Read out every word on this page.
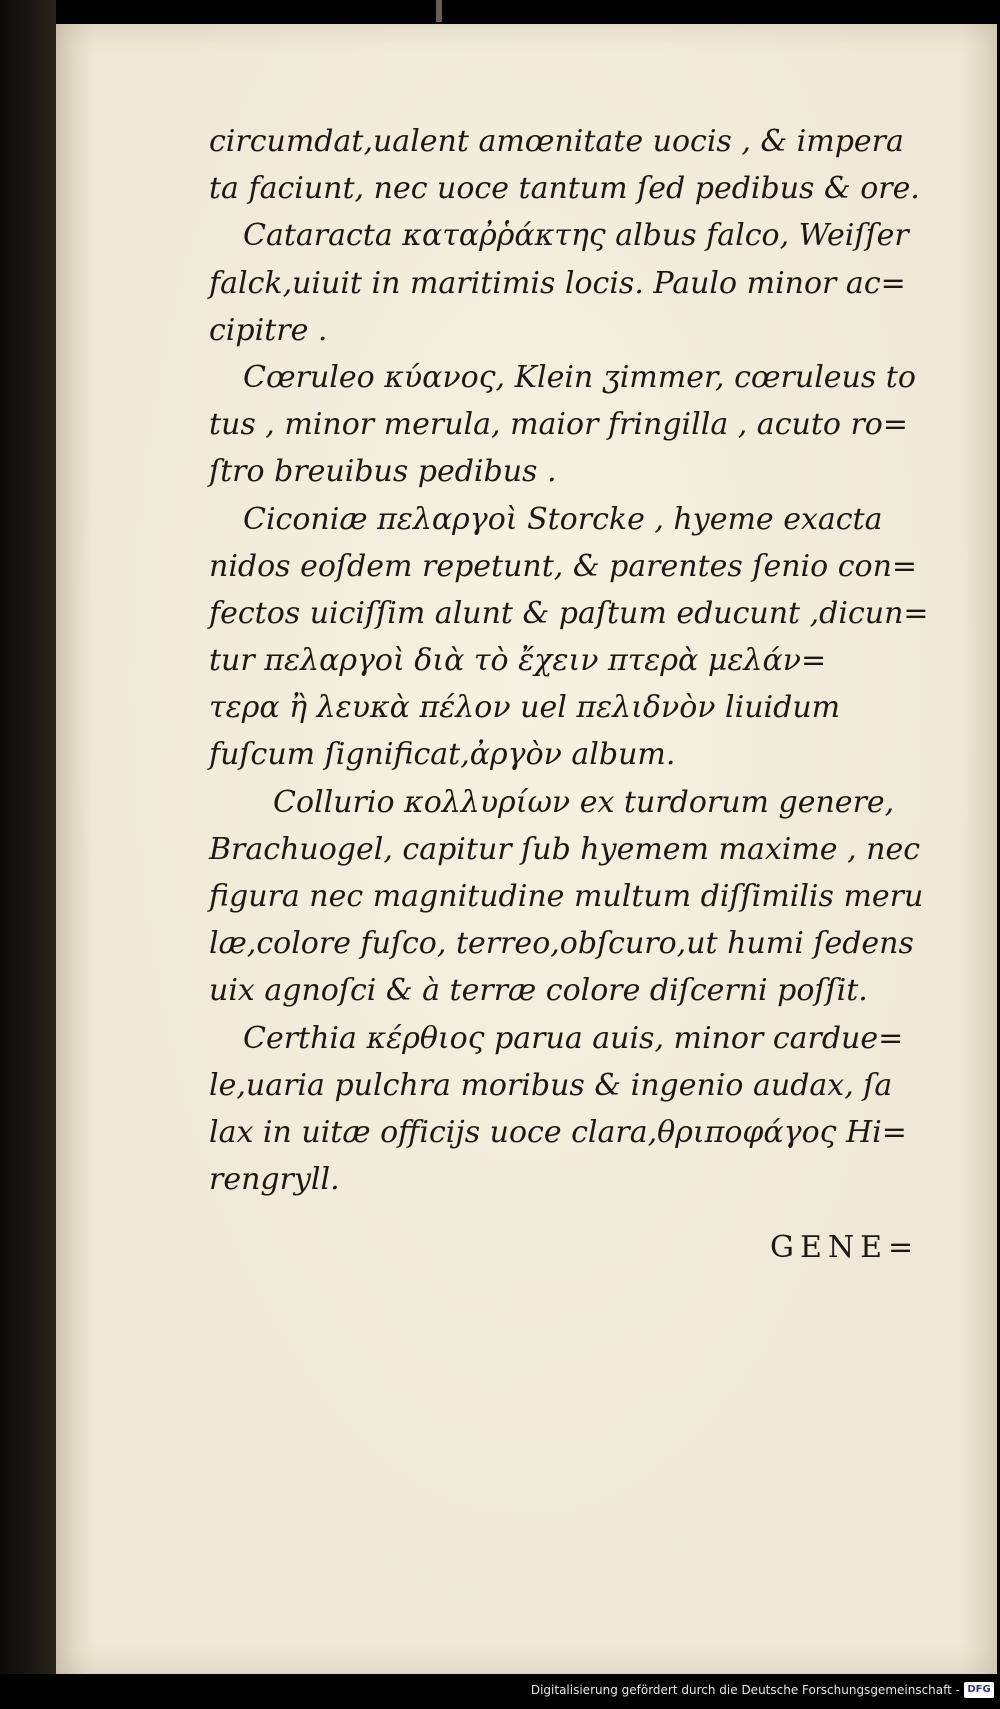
circumdat,ualent amœnitate uocis , & impera
ta faciunt, nec uoce tantum ſed pedibus & ore.
Cataracta καταῤῥάκτης albus falco, Weiſſer
falck,uiuit in maritimis locis. Paulo minor ac=
cipitre .
Cœruleo κύανος, Klein ʒimmer, cœruleus to
tus , minor merula, maior fringilla , acuto ro=
ſtro breuibus pedibus .
Ciconiæ πελαργοὶ Storcke , hyeme exacta
nidos eoſdem repetunt, & parentes ſenio con=
fectos uiciſſim alunt & paſtum educunt ,dicun=
tur πελαργοὶ διὰ τὸ ἔχειν πτερὰ μελάν=
τερα ἢ λευκὰ πέλον uel πελιδνὸν liuidum
fuſcum ſignificat,ἀργὸν album.
Collurio κολλυρίων ex turdorum genere,
Brachuogel, capitur ſub hyemem maxime , nec
figura nec magnitudine multum diſſimilis meru
læ,colore fuſco, terreo,obſcuro,ut humi ſedens
uix agnoſci & à terræ colore diſcerni poſſit.
Certhia κέρθιος parua auis, minor cardue=
le,uaria pulchra moribus & ingenio audax, ſa
lax in uitæ officijs uoce clara,θριποφάγος Hi=
rengryll.
GENE=
Digitalisierung gefördert durch die Deutsche Forschungsgemeinschaft - DFG
